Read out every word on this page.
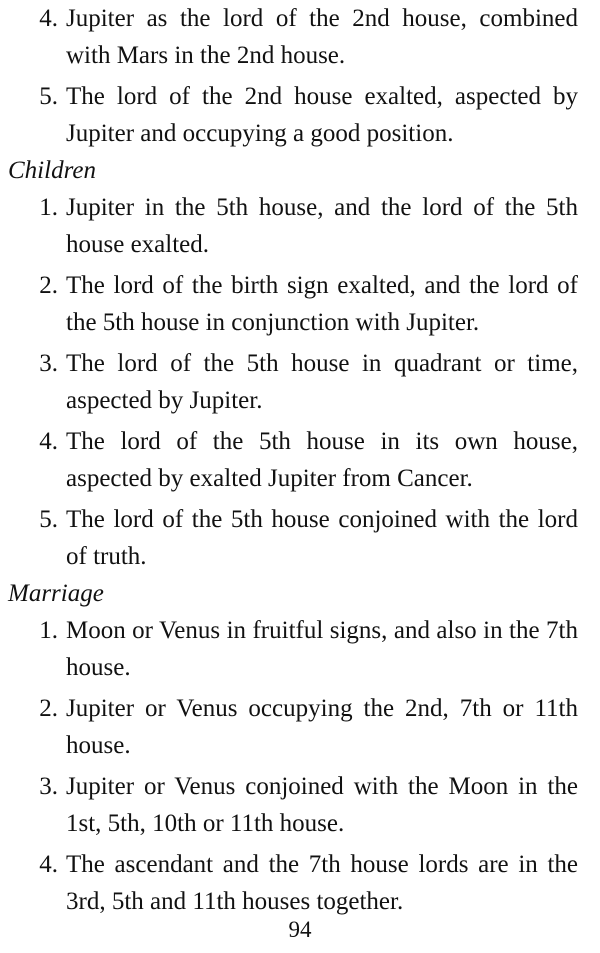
4. Jupiter as the lord of the 2nd house, combined with Mars in the 2nd house.
5. The lord of the 2nd house exalted, aspected by Jupiter and occupying a good position.

Children

1. Jupiter in the 5th house, and the lord of the 5th house exalted.
2. The lord of the birth sign exalted, and the lord of the 5th house in conjunction with Jupiter.
3. The lord of the 5th house in quadrant or time, aspected by Jupiter.
4. The lord of the 5th house in its own house, aspected by exalted Jupiter from Cancer.
5. The lord of the 5th house conjoined with the lord of truth.

Marriage

1. Moon or Venus in fruitful signs, and also in the 7th house.
2. Jupiter or Venus occupying the 2nd, 7th or 11th house.
3. Jupiter or Venus conjoined with the Moon in the 1st, 5th, 10th or 11th house.
4. The ascendant and the 7th house lords are in the 3rd, 5th and 11th houses together.
94
